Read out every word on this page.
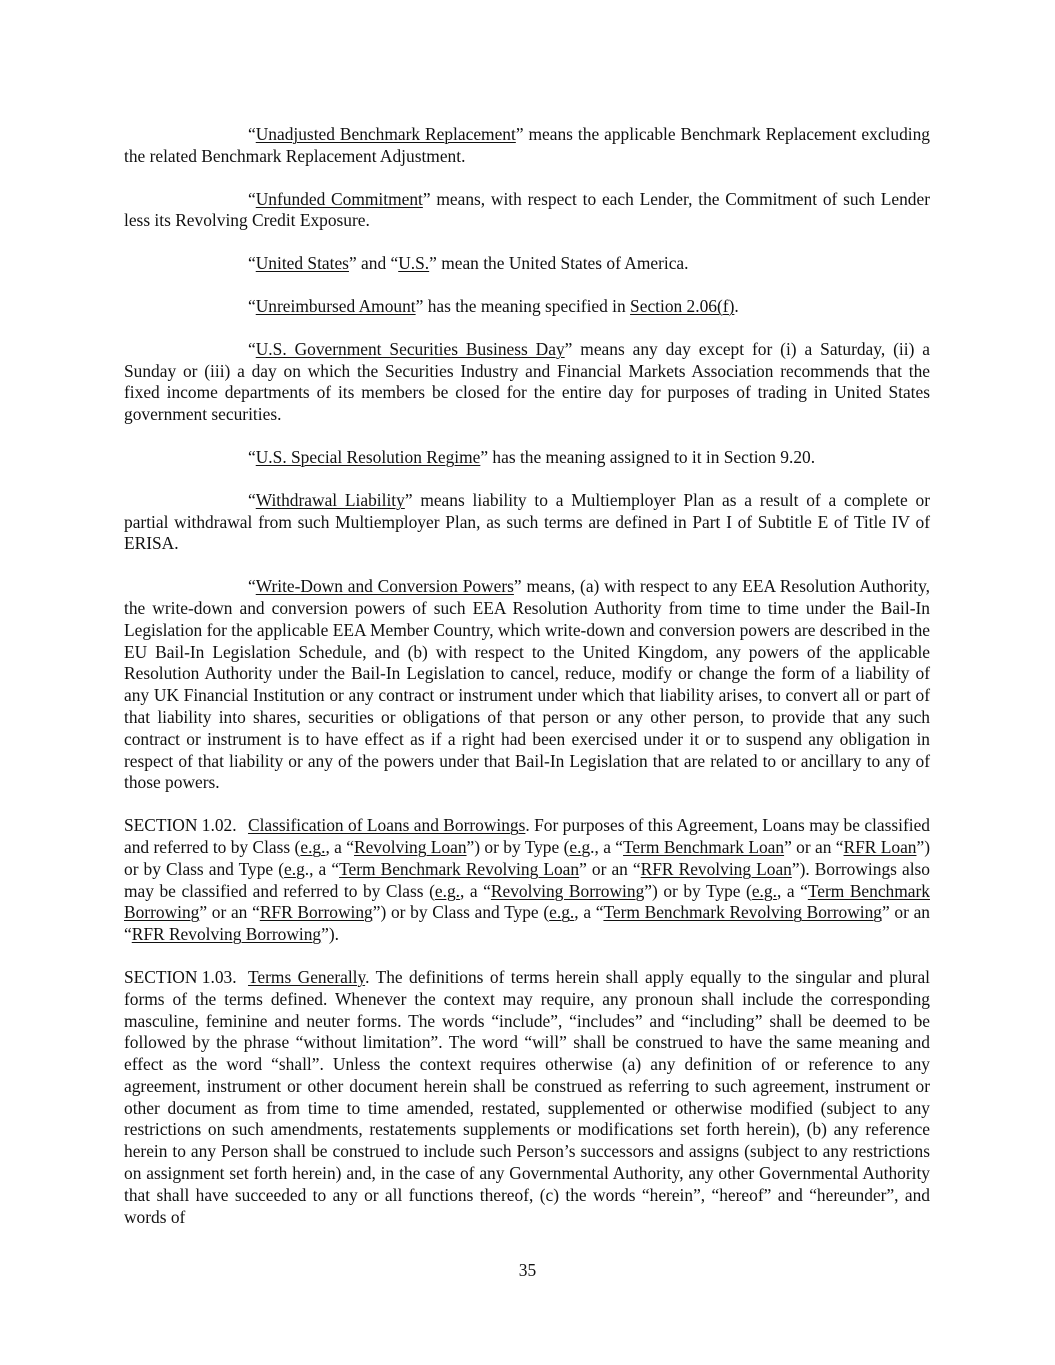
“Unadjusted Benchmark Replacement” means the applicable Benchmark Replacement excluding the related Benchmark Replacement Adjustment.

“Unfunded Commitment” means, with respect to each Lender, the Commitment of such Lender less its Revolving Credit Exposure.

“United States” and “U.S.” mean the United States of America.

“Unreimbursed Amount” has the meaning specified in Section 2.06(f).

“U.S. Government Securities Business Day” means any day except for (i) a Saturday, (ii) a Sunday or (iii) a day on which the Securities Industry and Financial Markets Association recommends that the fixed income departments of its members be closed for the entire day for purposes of trading in United States government securities.

“U.S. Special Resolution Regime” has the meaning assigned to it in Section 9.20.

“Withdrawal Liability” means liability to a Multiemployer Plan as a result of a complete or partial withdrawal from such Multiemployer Plan, as such terms are defined in Part I of Subtitle E of Title IV of ERISA.

“Write-Down and Conversion Powers” means, (a) with respect to any EEA Resolution Authority, the write-down and conversion powers of such EEA Resolution Authority from time to time under the Bail-In Legislation for the applicable EEA Member Country, which write-down and conversion powers are described in the EU Bail-In Legislation Schedule, and (b) with respect to the United Kingdom, any powers of the applicable Resolution Authority under the Bail-In Legislation to cancel, reduce, modify or change the form of a liability of any UK Financial Institution or any contract or instrument under which that liability arises, to convert all or part of that liability into shares, securities or obligations of that person or any other person, to provide that any such contract or instrument is to have effect as if a right had been exercised under it or to suspend any obligation in respect of that liability or any of the powers under that Bail-In Legislation that are related to or ancillary to any of those powers.

SECTION 1.02. Classification of Loans and Borrowings. For purposes of this Agreement, Loans may be classified and referred to by Class (e.g., a “Revolving Loan”) or by Type (e.g., a “Term Benchmark Loan” or an “RFR Loan”) or by Class and Type (e.g., a “Term Benchmark Revolving Loan” or an “RFR Revolving Loan”). Borrowings also may be classified and referred to by Class (e.g., a “Revolving Borrowing”) or by Type (e.g., a “Term Benchmark Borrowing” or an “RFR Borrowing”) or by Class and Type (e.g., a “Term Benchmark Revolving Borrowing” or an “RFR Revolving Borrowing”).

SECTION 1.03. Terms Generally. The definitions of terms herein shall apply equally to the singular and plural forms of the terms defined. Whenever the context may require, any pronoun shall include the corresponding masculine, feminine and neuter forms. The words “include”, “includes” and “including” shall be deemed to be followed by the phrase “without limitation”. The word “will” shall be construed to have the same meaning and effect as the word “shall”. Unless the context requires otherwise (a) any definition of or reference to any agreement, instrument or other document herein shall be construed as referring to such agreement, instrument or other document as from time to time amended, restated, supplemented or otherwise modified (subject to any restrictions on such amendments, restatements supplements or modifications set forth herein), (b) any reference herein to any Person shall be construed to include such Person’s successors and assigns (subject to any restrictions on assignment set forth herein) and, in the case of any Governmental Authority, any other Governmental Authority that shall have succeeded to any or all functions thereof, (c) the words “herein”, “hereof” and “hereunder”, and words of

35
